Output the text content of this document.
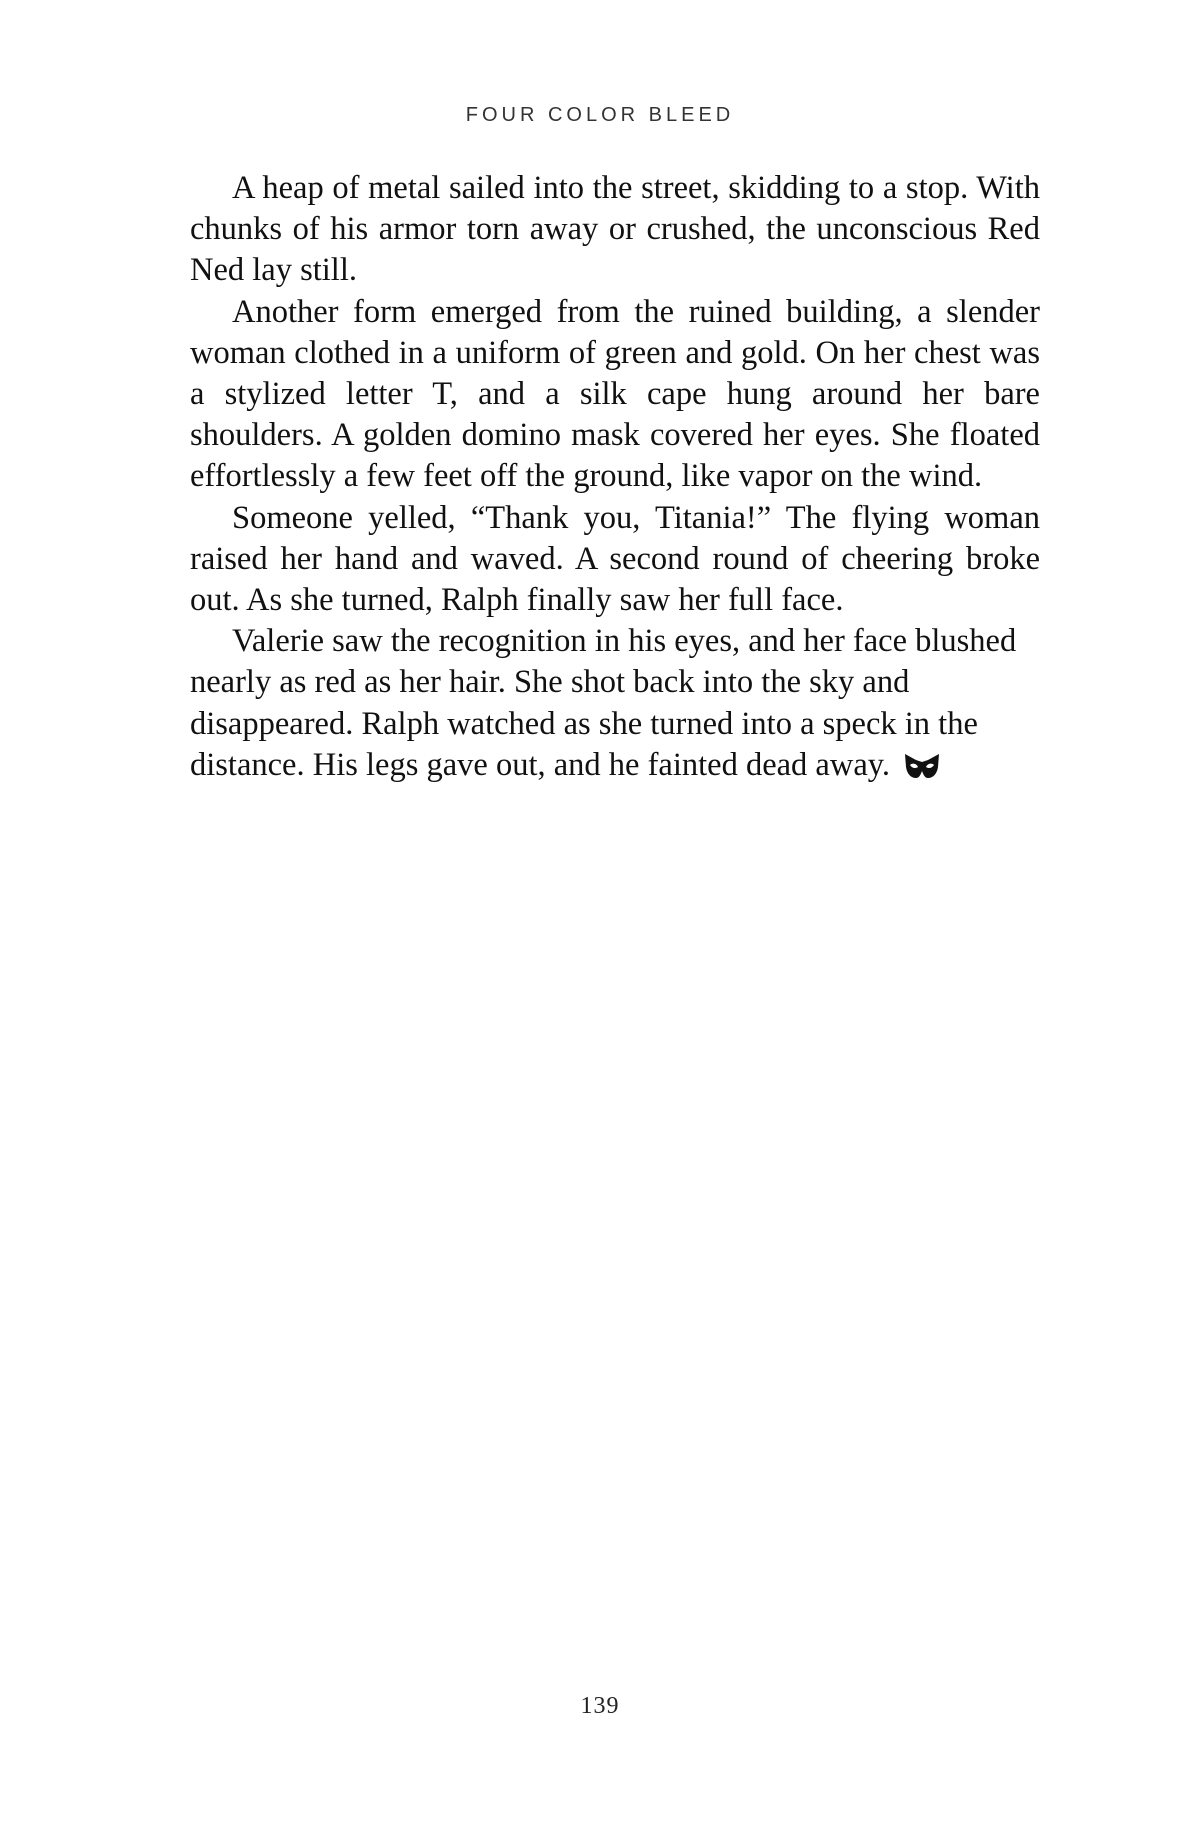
FOUR COLOR BLEED

A heap of metal sailed into the street, skidding to a stop. With chunks of his armor torn away or crushed, the unconscious Red Ned lay still.

Another form emerged from the ruined building, a slender woman clothed in a uniform of green and gold. On her chest was a stylized letter T, and a silk cape hung around her bare shoulders. A golden domino mask covered her eyes. She floated effortlessly a few feet off the ground, like vapor on the wind.

Someone yelled, “Thank you, Titania!” The flying woman raised her hand and waved. A second round of cheering broke out. As she turned, Ralph finally saw her full face.

Valerie saw the recognition in his eyes, and her face blushed nearly as red as her hair. She shot back into the sky and disappeared. Ralph watched as she turned into a speck in the distance. His legs gave out, and he fainted dead away.

139
